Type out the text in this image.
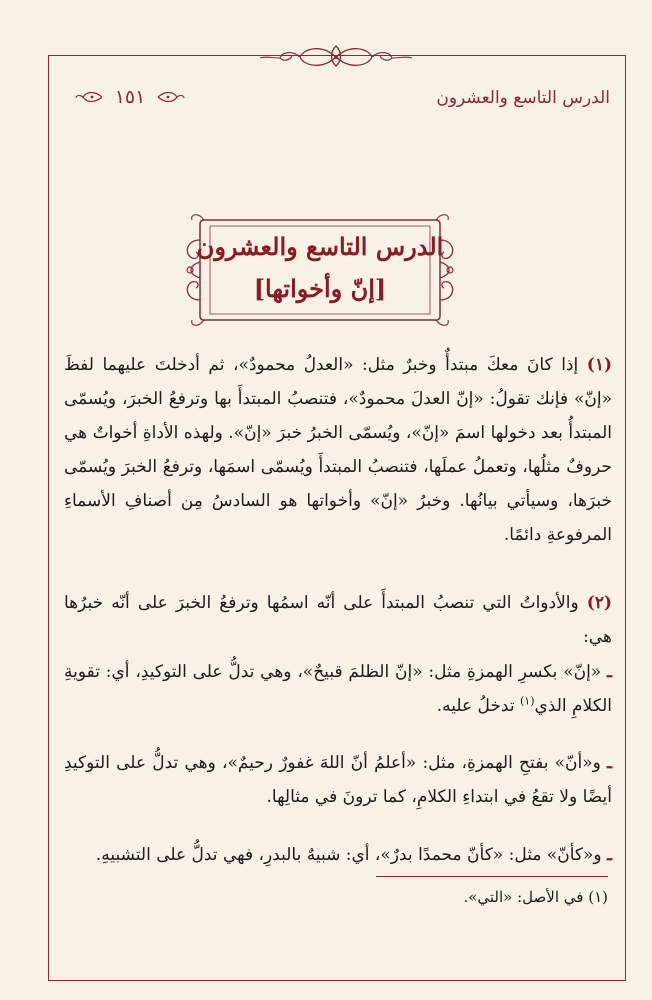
الدرس التاسع والعشرون
١٥١
الدرس التاسع والعشرون
[إنّ وأخواتها]
(١) إذا كانَ معكَ مبتدأٌ وخبرٌ مثل: «العدلُ محمودٌ»، ثم أدخلتَ عليهما لفظَ «إنّ» فإنك تقولُ: «إنّ العدلَ محمودٌ»، فتنصبُ المبتدأَ بها وترفعُ الخبرَ، ويُسمّى المبتدأُ بعد دخولها اسمَ «إنّ»، ويُسمّى الخبرُ خبرَ «إنّ». ولهذه الأداةِ أخواتٌ هي حروفٌ مثلُها، وتعملُ عملَها، فتنصبُ المبتدأَ ويُسمّى اسمَها، وترفعُ الخبرَ ويُسمّى خبرَها، وسيأتي بيانُها. وخبرُ «إنّ» وأخواتها هو السادسُ مِن أصنافِ الأسماءِ المرفوعةِ دائمًا.
(٢) والأدواتُ التي تنصبُ المبتدأَ على أنّه اسمُها وترفعُ الخبرَ على أنّه خبرُها هي:
ـ «إنّ» بكسرِ الهمزةِ مثل: «إنّ الظلمَ قبيحٌ»، وهي تدلُّ على التوكيدِ، أي: تقويةِ الكلامِ الذي$^{(١)}$ تدخلُ عليه.
ـ و«أنّ» بفتحِ الهمزةِ، مثل: «أعلمُ أنّ اللهَ غفورٌ رحيمٌ»، وهي تدلُّ على التوكيدِ أيضًا ولا تقعُ في ابتداءِ الكلامِ، كما ترونَ في مثالِها.
ـ و«كأنّ» مثل: «كأنّ محمدًا بدرٌ»، أي: شبيهٌ بالبدرِ، فهي تدلُّ على التشبيهِ.
(١) في الأصل: «التي».
